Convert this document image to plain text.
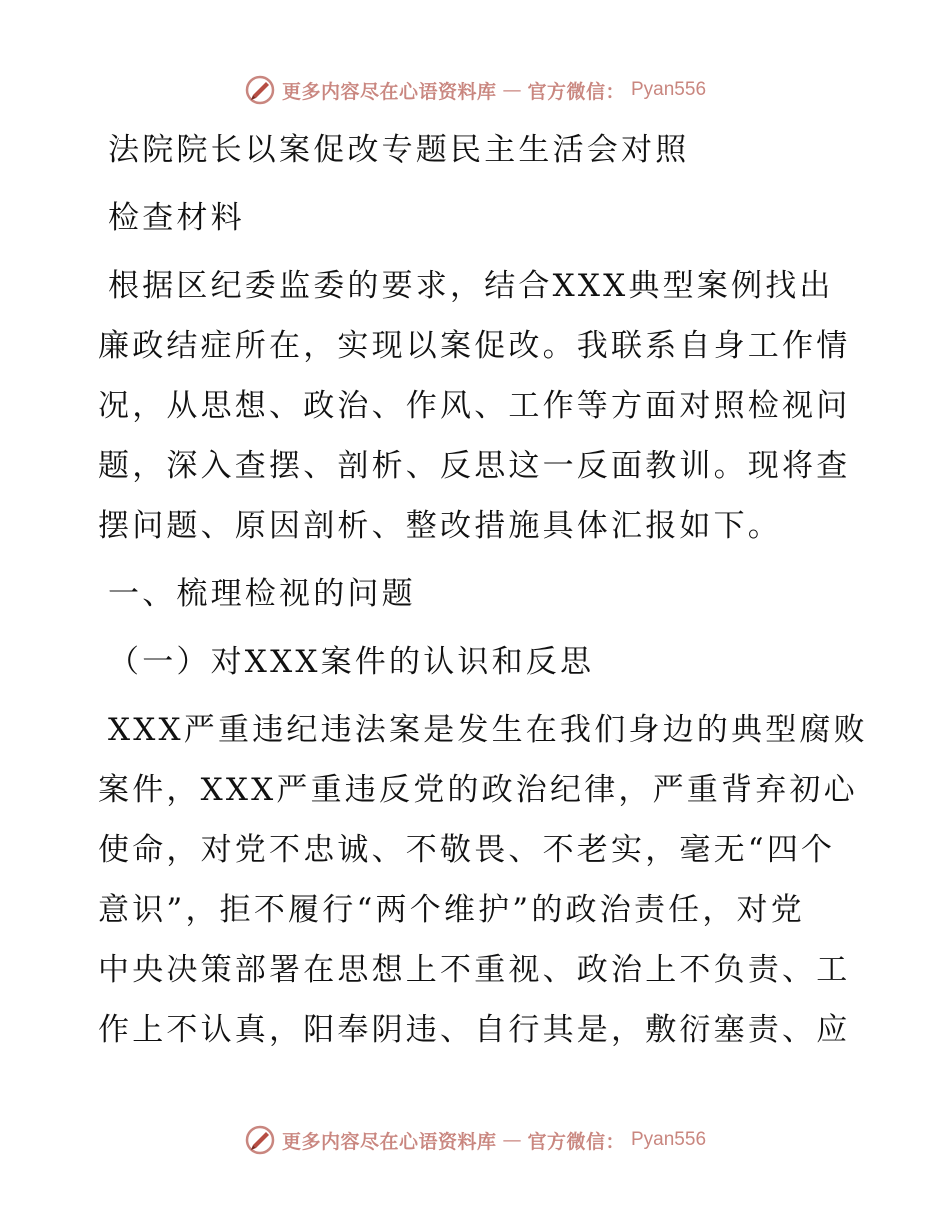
更多内容尽在心语资料库 — 官方微信： Pyan556
法院院长以案促改专题民主生活会对照
检查材料
根据区纪委监委的要求，结合XXX典型案例找出
廉政结症所在，实现以案促改。我联系自身工作情
况，从思想、政治、作风、工作等方面对照检视问
题，深入查摆、剖析、反思这一反面教训。现将查
摆问题、原因剖析、整改措施具体汇报如下。
一、梳理检视的问题
（一）对XXX案件的认识和反思
XXX严重违纪违法案是发生在我们身边的典型腐败
案件，XXX严重违反党的政治纪律，严重背弃初心
使命，对党不忠诚、不敬畏、不老实，毫无“四个
意识”，拒不履行“两个维护”的政治责任，对党
中央决策部署在思想上不重视、政治上不负责、工
作上不认真，阳奉阴违、自行其是，敷衍塞责、应
更多内容尽在心语资料库 — 官方微信： Pyan556
